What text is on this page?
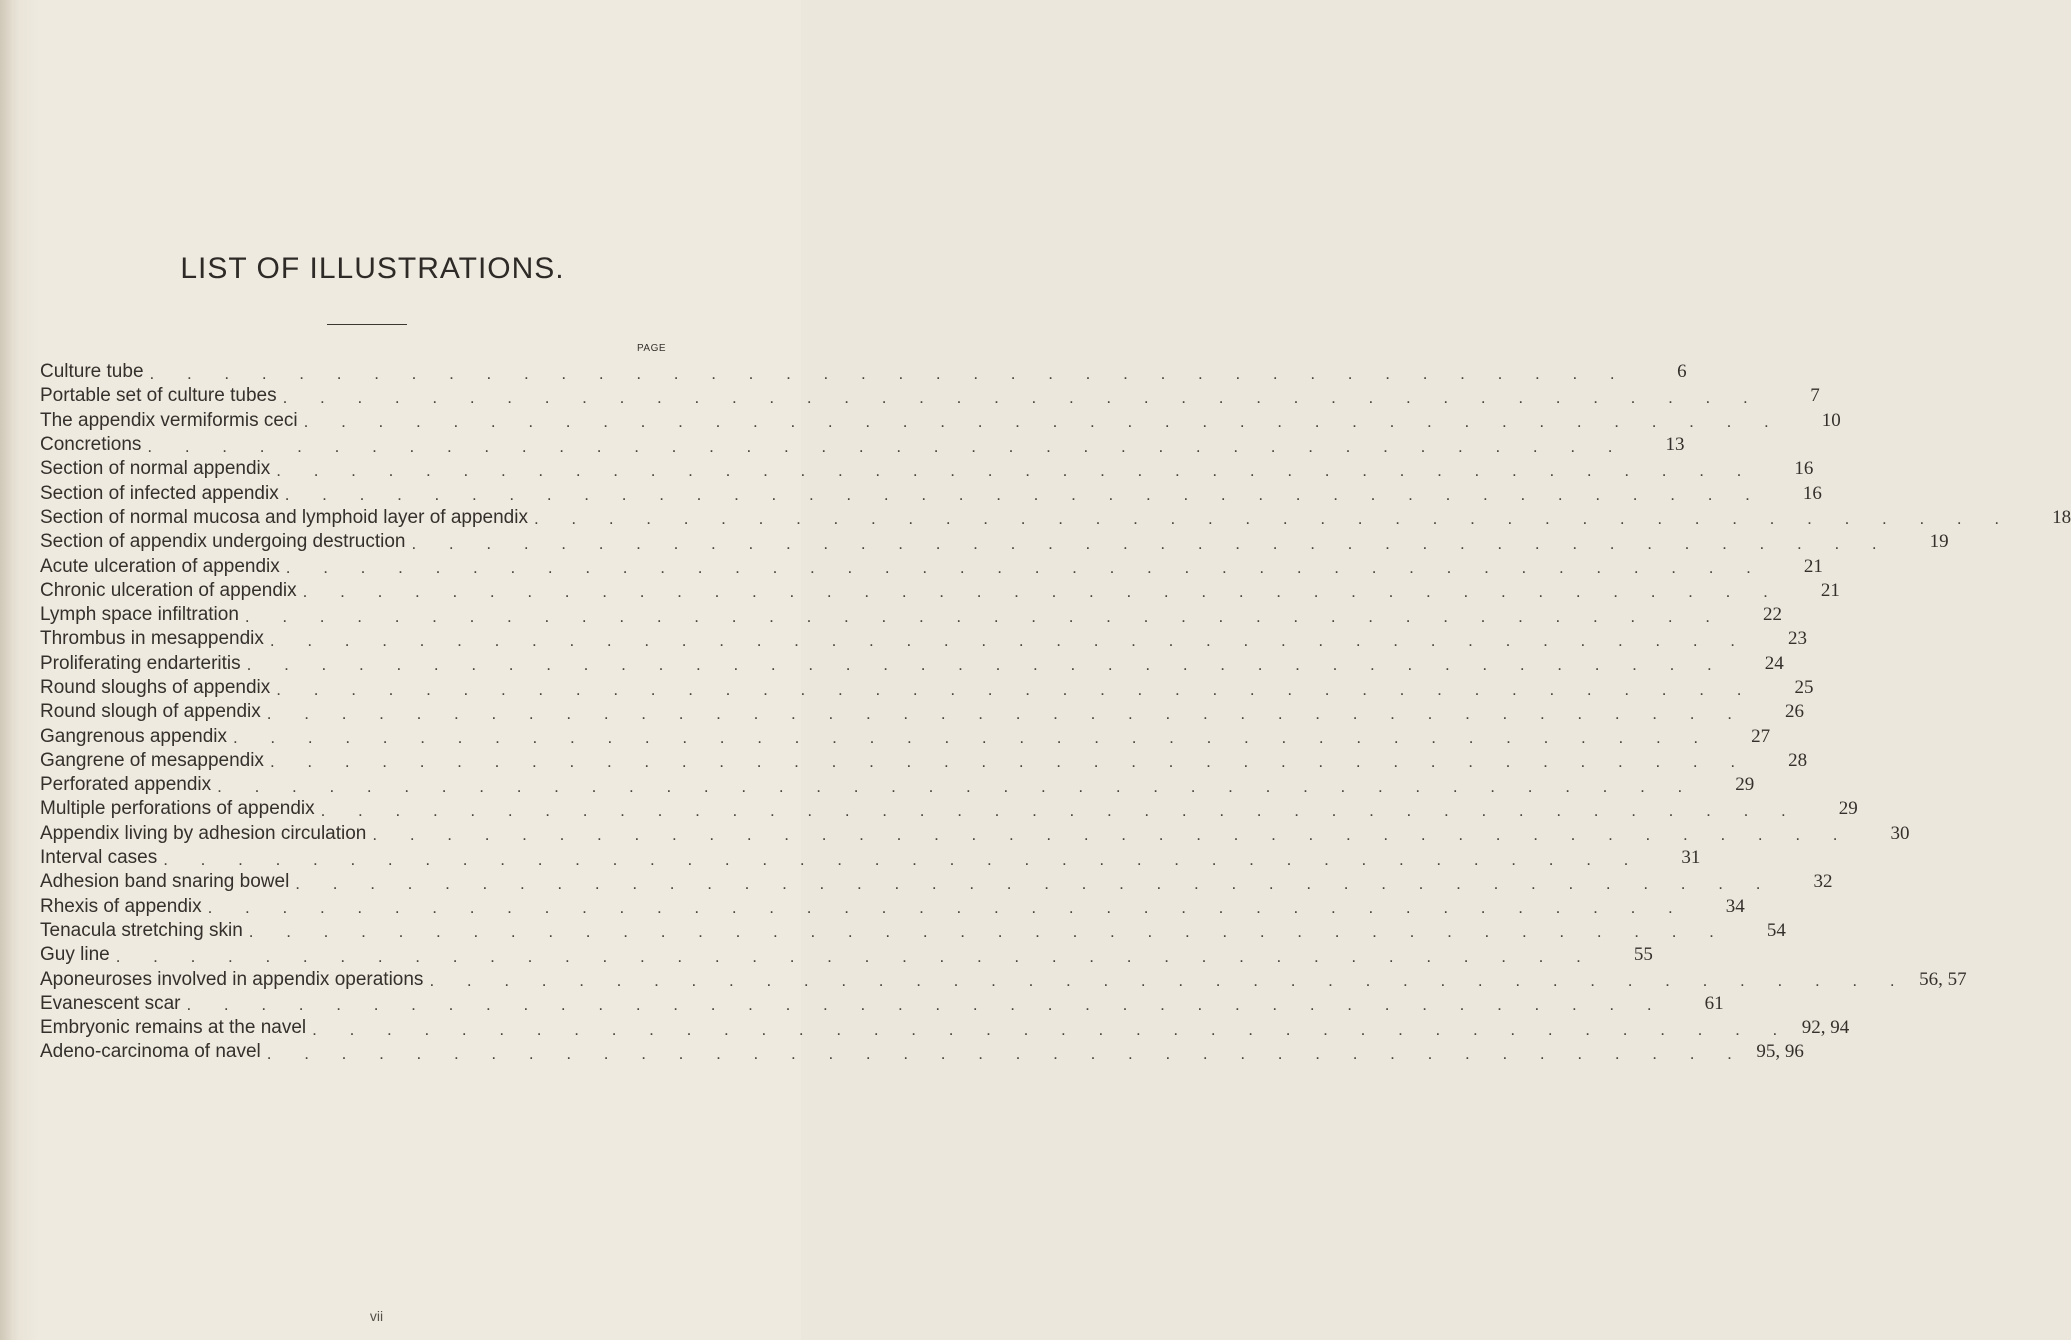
LIST OF ILLUSTRATIONS.
PAGE
Culture tube . . . . . . . . . . . . . . . . . . . . . . . . . . . . . . . . . . . . . . . .	6
Portable set of culture tubes . . . . . . . . . . . . . . . . . . . . . . . . . . . . . . . . . . . . . . . .	7
The appendix vermiformis ceci . . . . . . . . . . . . . . . . . . . . . . . . . . . . . . . . . . . . . . . .	10
Concretions . . . . . . . . . . . . . . . . . . . . . . . . . . . . . . . . . . . . . . . .	13
Section of normal appendix . . . . . . . . . . . . . . . . . . . . . . . . . . . . . . . . . . . . . . . .	16
Section of infected appendix . . . . . . . . . . . . . . . . . . . . . . . . . . . . . . . . . . . . . . . .	16
Section of normal mucosa and lymphoid layer of appendix . . . . . . . . . . . . . . . . . . . . . . . . . . . . . . . . . . . . . . . .	18
Section of appendix undergoing destruction . . . . . . . . . . . . . . . . . . . . . . . . . . . . . . . . . . . . . . . .	19
Acute ulceration of appendix . . . . . . . . . . . . . . . . . . . . . . . . . . . . . . . . . . . . . . . .	21
Chronic ulceration of appendix . . . . . . . . . . . . . . . . . . . . . . . . . . . . . . . . . . . . . . . .	21
Lymph space infiltration . . . . . . . . . . . . . . . . . . . . . . . . . . . . . . . . . . . . . . . .	22
Thrombus in mesappendix . . . . . . . . . . . . . . . . . . . . . . . . . . . . . . . . . . . . . . . .	23
Proliferating endarteritis . . . . . . . . . . . . . . . . . . . . . . . . . . . . . . . . . . . . . . . .	24
Round sloughs of appendix . . . . . . . . . . . . . . . . . . . . . . . . . . . . . . . . . . . . . . . .	25
Round slough of appendix . . . . . . . . . . . . . . . . . . . . . . . . . . . . . . . . . . . . . . . .	26
Gangrenous appendix . . . . . . . . . . . . . . . . . . . . . . . . . . . . . . . . . . . . . . . .	27
Gangrene of mesappendix . . . . . . . . . . . . . . . . . . . . . . . . . . . . . . . . . . . . . . . .	28
Perforated appendix . . . . . . . . . . . . . . . . . . . . . . . . . . . . . . . . . . . . . . . .	29
Multiple perforations of appendix . . . . . . . . . . . . . . . . . . . . . . . . . . . . . . . . . . . . . . . .	29
Appendix living by adhesion circulation . . . . . . . . . . . . . . . . . . . . . . . . . . . . . . . . . . . . . . . .	30
Interval cases . . . . . . . . . . . . . . . . . . . . . . . . . . . . . . . . . . . . . . . .	31
Adhesion band snaring bowel . . . . . . . . . . . . . . . . . . . . . . . . . . . . . . . . . . . . . . . .	32
Rhexis of appendix . . . . . . . . . . . . . . . . . . . . . . . . . . . . . . . . . . . . . . . .	34
Tenacula stretching skin . . . . . . . . . . . . . . . . . . . . . . . . . . . . . . . . . . . . . . . .	54
Guy line . . . . . . . . . . . . . . . . . . . . . . . . . . . . . . . . . . . . . . . .	55
Aponeuroses involved in appendix operations . . . . . . . . . . . . . . . . . . . . . . . . . . . . . . . . . . . . . . . . 56, 57
Evanescent scar . . . . . . . . . . . . . . . . . . . . . . . . . . . . . . . . . . . . . . . .	61
Embryonic remains at the navel . . . . . . . . . . . . . . . . . . . . . . . . . . . . . . . . . . . . . . . . 92, 94
Adeno-carcinoma of navel . . . . . . . . . . . . . . . . . . . . . . . . . . . . . . . . . . . . . . . . 95, 96
vii
